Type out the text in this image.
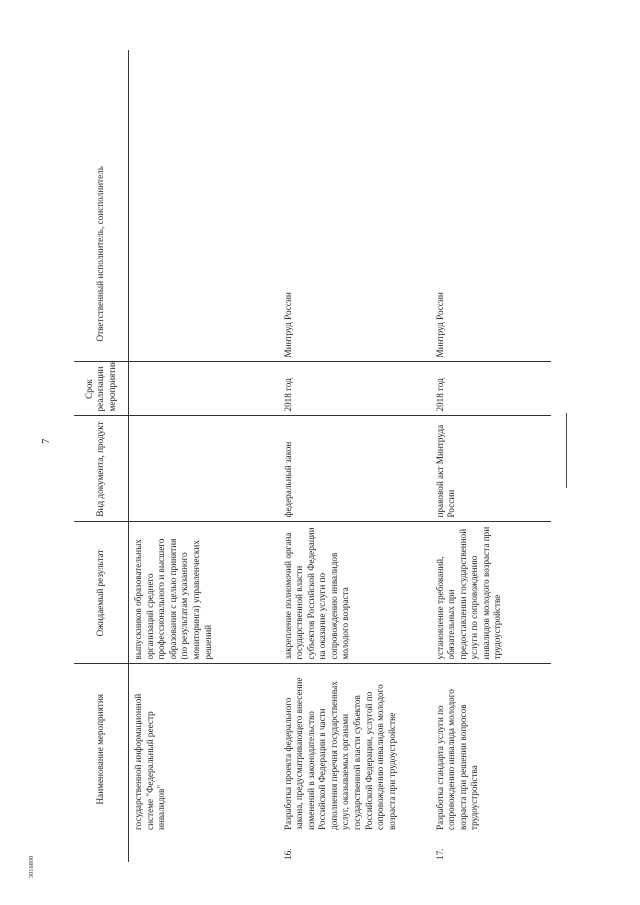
7
3016800
	Наименование мероприятия	Ожидаемый результат	Вид документа, продукт	Срок реализации мероприятия	Ответственный исполнитель, соисполнитель
	государственной информационной системе "Федеральный реестр инвалидов"	выпускников образовательных организаций среднего профессионального и высшего образования с целью принятия (по результатам указанного мониторинга) управленческих решений			
16.	Разработка проекта федерального закона, предусматривающего внесение изменений в законодательство Российской Федерации в части дополнения перечня государственных услуг, оказываемых органами государственной власти субъектов Российской Федерации, услугой по сопровождению инвалидов молодого возраста при трудоустройстве	закрепление полномочий органа государственной власти субъектов Российской Федерации на оказание услуги по сопровождению инвалидов молодого возраста	федеральный закон	2018 год	Минтруд России
17.	Разработка стандарта услуги по сопровождению инвалида молодого возраста при решении вопросов трудоустройства	установление требований, обязательных при предоставлении государственной услуги по сопровождению инвалидов молодого возраста при трудоустройстве	правовой акт Минтруда России	2018 год	Минтруд России
